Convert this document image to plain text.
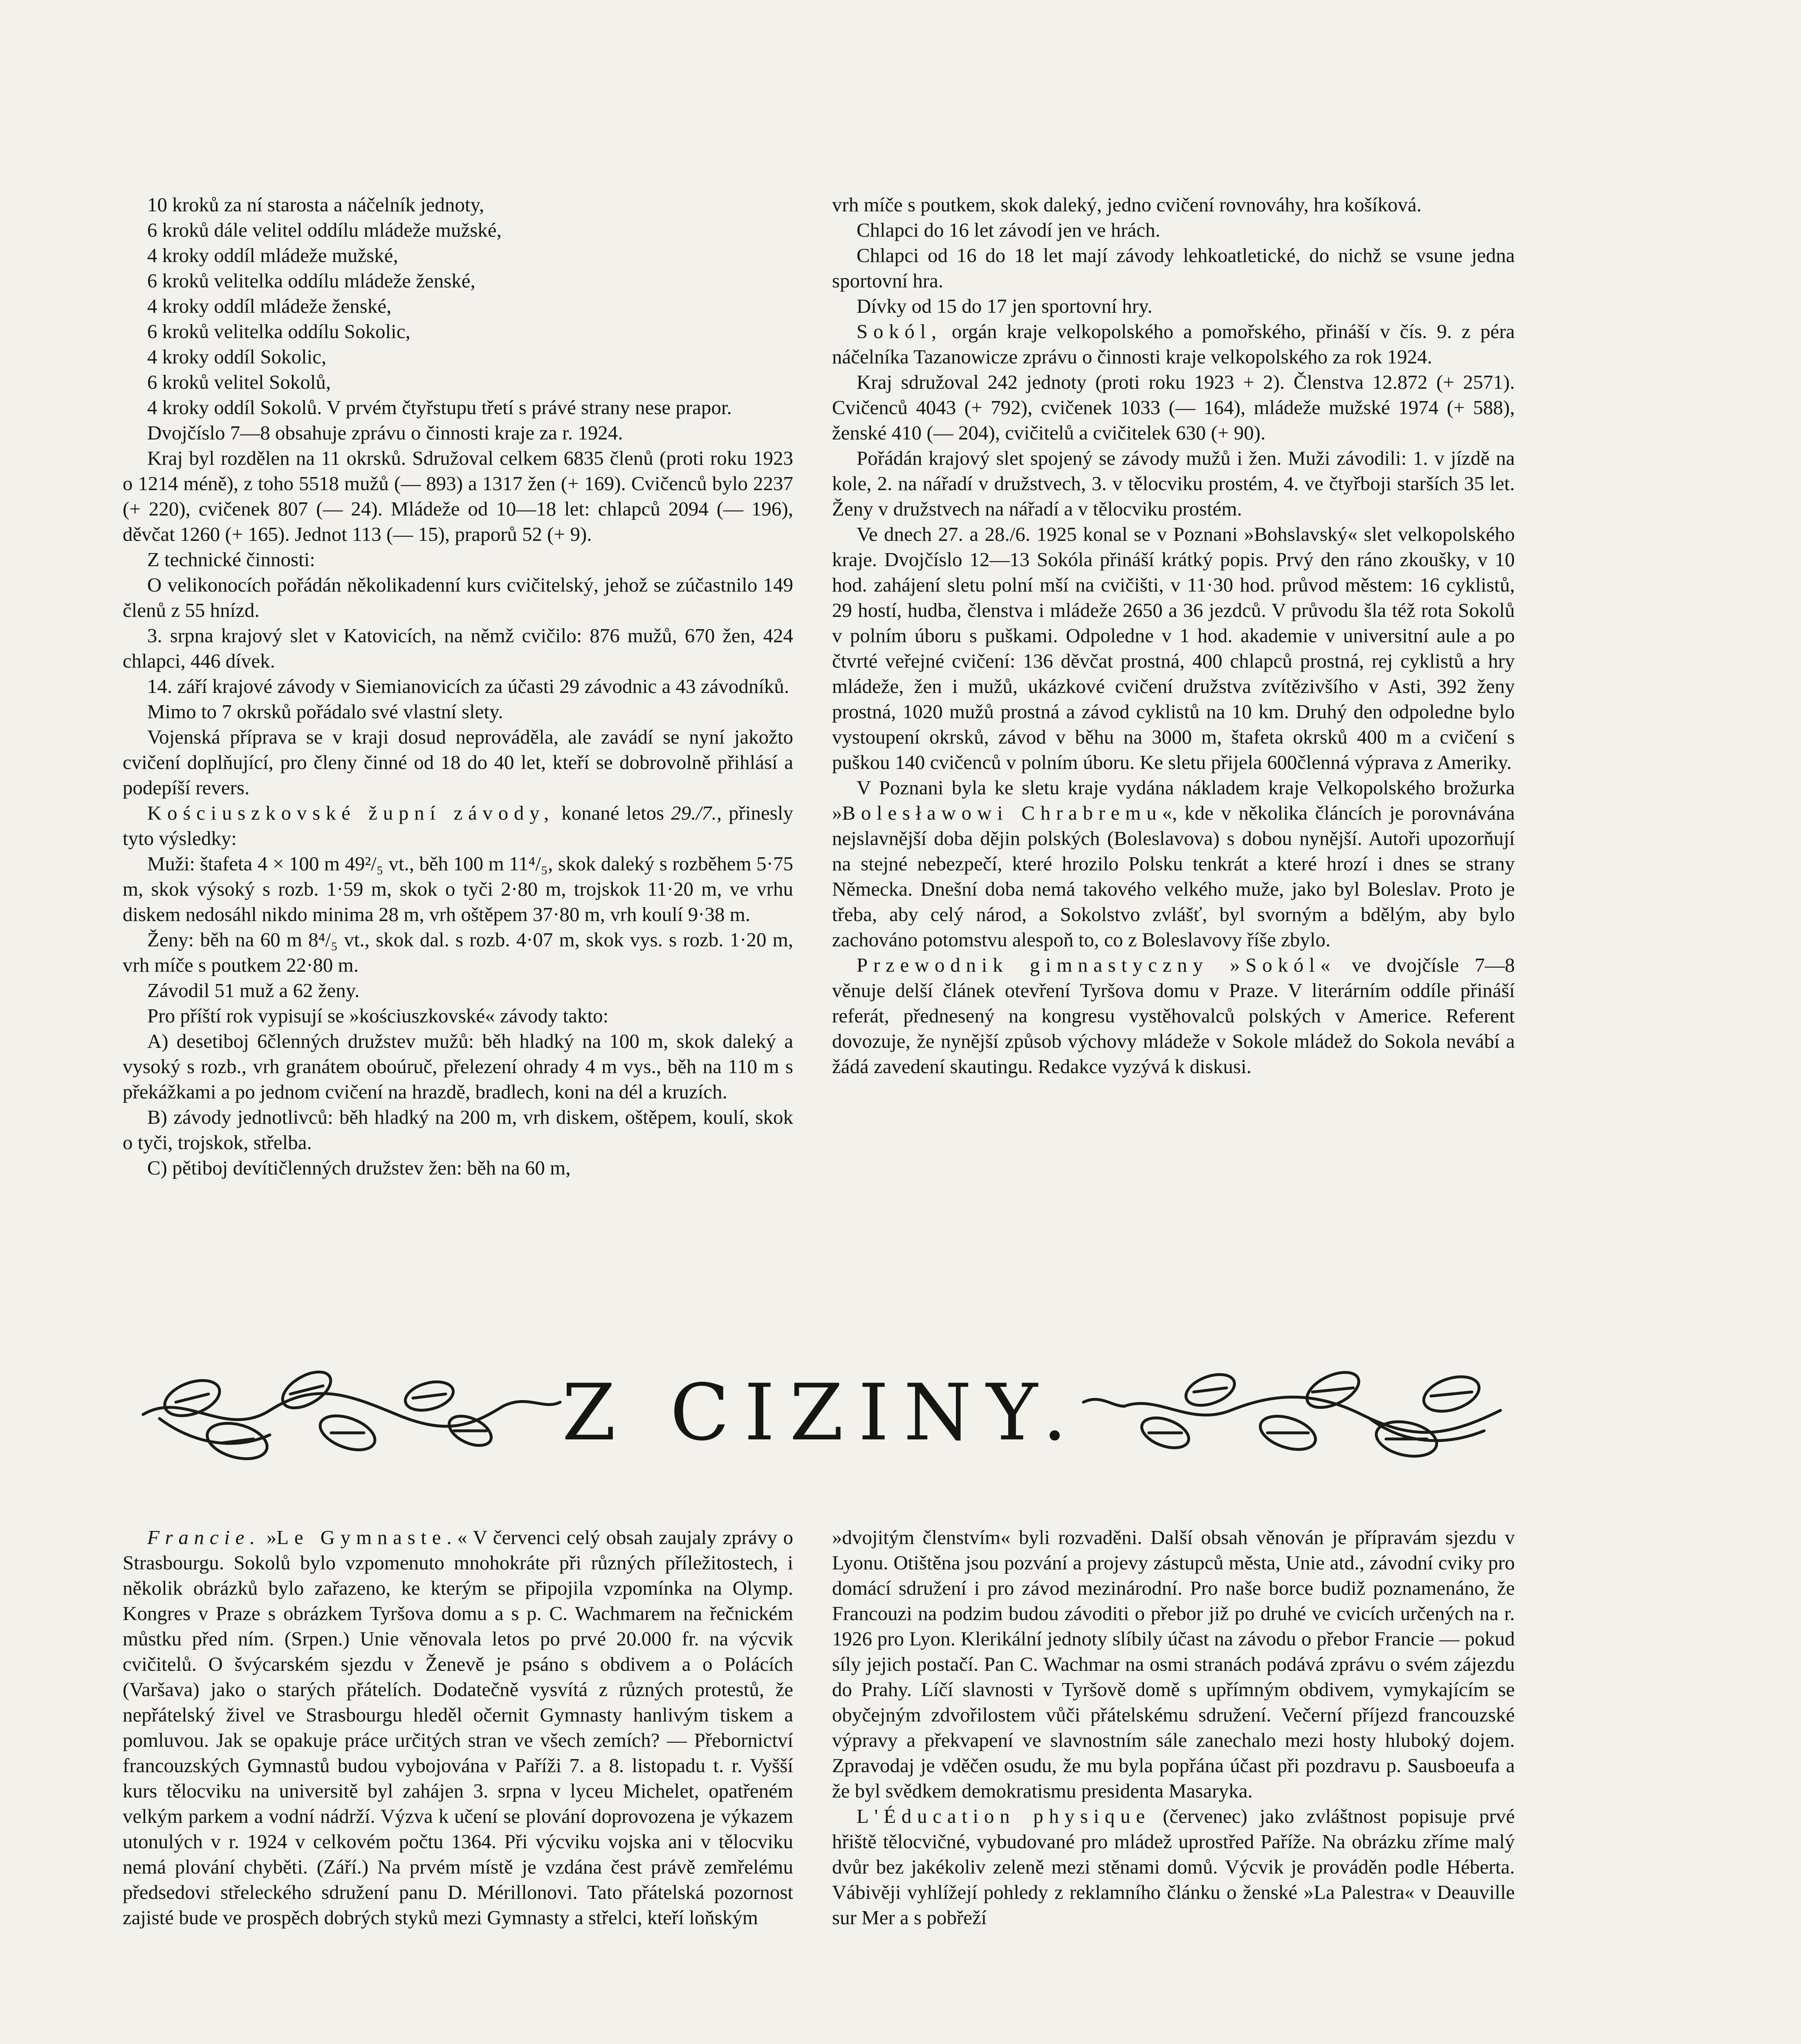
10 kroků za ní starosta a náčelník jednoty,

6 kroků dále velitel oddílu mládeže mužské,

4 kroky oddíl mládeže mužské,

6 kroků velitelka oddílu mládeže ženské,

4 kroky oddíl mládeže ženské,

6 kroků velitelka oddílu Sokolic,

4 kroky oddíl Sokolic,

6 kroků velitel Sokolů,

4 kroky oddíl Sokolů. V prvém čtyřstupu třetí s právé strany nese prapor.

Dvojčíslo 7—8 obsahuje zprávu o činnosti kraje za r. 1924.

Kraj byl rozdělen na 11 okrsků. Sdružoval celkem 6835 členů (proti roku 1923 o 1214 méně), z toho 5518 mužů (— 893) a 1317 žen (+ 169). Cvičenců bylo 2237 (+ 220), cvičenek 807 (— 24). Mládeže od 10—18 let: chlapců 2094 (— 196), děvčat 1260 (+ 165). Jednot 113 (— 15), praporů 52 (+ 9).

Z technické činnosti:

O velikonocích pořádán několikadenní kurs cvičitelský, jehož se zúčastnilo 149 členů z 55 hnízd.

3. srpna krajový slet v Katovicích, na němž cvičilo: 876 mužů, 670 žen, 424 chlapci, 446 dívek.

14. září krajové závody v Siemianovicích za účasti 29 závodnic a 43 závodníků.

Mimo to 7 okrsků pořádalo své vlastní slety.

Vojenská příprava se v kraji dosud neprováděla, ale zavádí se nyní jakožto cvičení doplňující, pro členy činné od 18 do 40 let, kteří se dobrovolně přihlásí a podepíší revers.

Kościuszkovské župní závody, konané letos 29./7., přinesly tyto výsledky:

Muži: štafeta 4 × 100 m 49²/₅ vt., běh 100 m 11⁴/₅, skok daleký s rozběhem 5·75 m, skok výsoký s rozb. 1·59 m, skok o tyči 2·80 m, trojskok 11·20 m, ve vrhu diskem nedosáhl nikdo minima 28 m, vrh oštěpem 37·80 m, vrh koulí 9·38 m.

Ženy: běh na 60 m 8⁴/₅ vt., skok dal. s rozb. 4·07 m, skok vys. s rozb. 1·20 m, vrh míče s poutkem 22·80 m.

Závodil 51 muž a 62 ženy.

Pro příští rok vypisují se »kościuszkovské« závody takto:

A) desetiboj 6členných družstev mužů: běh hladký na 100 m, skok daleký a vysoký s rozb., vrh granátem oboúruč, přelezení ohrady 4 m vys., běh na 110 m s překážkami a po jednom cvičení na hrazdě, bradlech, koni na dél a kruzích.

B) závody jednotlivců: běh hladký na 200 m, vrh diskem, oštěpem, koulí, skok o tyči, trojskok, střelba.

C) pětiboj devítičlenných družstev žen: běh na 60 m,

vrh míče s poutkem, skok daleký, jedno cvičení rovnováhy, hra košíková.

Chlapci do 16 let závodí jen ve hrách.

Chlapci od 16 do 18 let mají závody lehkoatletické, do nichž se vsune jedna sportovní hra.

Dívky od 15 do 17 jen sportovní hry.

Sokól, orgán kraje velkopolského a pomořského, přináší v čís. 9. z péra náčelníka Tazanowicze zprávu o činnosti kraje velkopolského za rok 1924.

Kraj sdružoval 242 jednoty (proti roku 1923 + 2). Členstva 12.872 (+ 2571). Cvičenců 4043 (+ 792), cvičenek 1033 (— 164), mládeže mužské 1974 (+ 588), ženské 410 (— 204), cvičitelů a cvičitelek 630 (+ 90).

Pořádán krajový slet spojený se závody mužů i žen. Muži závodili: 1. v jízdě na kole, 2. na nářadí v družstvech, 3. v tělocviku prostém, 4. ve čtyřboji starších 35 let. Ženy v družstvech na nářadí a v tělocviku prostém.

Ve dnech 27. a 28./6. 1925 konal se v Poznani »Bohslavský« slet velkopolského kraje. Dvojčíslo 12—13 Sokóla přináší krátký popis. Prvý den ráno zkoušky, v 10 hod. zahájení sletu polní mší na cvičišti, v 11·30 hod. průvod městem: 16 cyklistů, 29 hostí, hudba, členstva i mládeže 2650 a 36 jezdců. V průvodu šla též rota Sokolů v polním úboru s puškami. Odpoledne v 1 hod. akademie v universitní aule a po čtvrté veřejné cvičení: 136 děvčat prostná, 400 chlapců prostná, rej cyklistů a hry mládeže, žen i mužů, ukázkové cvičení družstva zvítězivšího v Asti, 392 ženy prostná, 1020 mužů prostná a závod cyklistů na 10 km. Druhý den odpoledne bylo vystoupení okrsků, závod v běhu na 3000 m, štafeta okrsků 400 m a cvičení s puškou 140 cvičenců v polním úboru. Ke sletu přijela 600členná výprava z Ameriky.

V Poznani byla ke sletu kraje vydána nákladem kraje Velkopolského brožurka »Bolesławowi Chrabremu«, kde v několika článcích je porovnávána nejslavnější doba dějin polských (Boleslavova) s dobou nynější. Autoři upozorňují na stejné nebezpečí, které hrozilo Polsku tenkrát a které hrozí i dnes se strany Německa. Dnešní doba nemá takového velkého muže, jako byl Boleslav. Proto je třeba, aby celý národ, a Sokolstvo zvlášť, byl svorným a bdělým, aby bylo zachováno potomstvu alespoň to, co z Boleslavovy říše zbylo.

Przewodnik gimnastyczny »Sokól« ve dvojčísle 7—8 věnuje delší článek otevření Tyršova domu v Praze. V literárním oddíle přináší referát, přednesený na kongresu vystěhovalců polských v Americe. Referent dovozuje, že nynější způsob výchovy mládeže v Sokole mládež do Sokola nevábí a žádá zavedení skautingu. Redakce vyzývá k diskusi.

Z CIZINY.

Francie. »Le Gymnaste.« V červenci celý obsah zaujaly zprávy o Strasbourgu. Sokolů bylo vzpomenuto mnohokráte při různých příležitostech, i několik obrázků bylo zařazeno, ke kterým se připojila vzpomínka na Olymp. Kongres v Praze s obrázkem Tyršova domu a s p. C. Wachmarem na řečnickém můstku před ním. (Srpen.) Unie věnovala letos po prvé 20.000 fr. na výcvik cvičitelů. O švýcarském sjezdu v Ženevě je psáno s obdivem a o Polácích (Varšava) jako o starých přátelích. Dodatečně vysvítá z různých protestů, že nepřátelský živel ve Strasbourgu hleděl očernit Gymnasty hanlivým tiskem a pomluvou. Jak se opakuje práce určitých stran ve všech zemích? — Přebornictví francouzských Gymnastů budou vybojována v Paříži 7. a 8. listopadu t. r. Vyšší kurs tělocviku na universitě byl zahájen 3. srpna v lyceu Michelet, opatřeném velkým parkem a vodní nádrží. Výzva k učení se plování doprovozena je výkazem utonulých v r. 1924 v celkovém počtu 1364. Při výcviku vojska ani v tělocviku nemá plování chyběti. (Září.) Na prvém místě je vzdána čest právě zemřelému předsedovi střeleckého sdružení panu D. Mérillonovi. Tato přátelská pozornost zajisté bude ve prospěch dobrých styků mezi Gymnasty a střelci, kteří loňským

»dvojitým členstvím« byli rozvaděni. Další obsah věnován je přípravám sjezdu v Lyonu. Otištěna jsou pozvání a projevy zástupců města, Unie atd., závodní cviky pro domácí sdružení i pro závod mezinárodní. Pro naše borce budiž poznamenáno, že Francouzi na podzim budou závoditi o přebor již po druhé ve cvicích určených na r. 1926 pro Lyon. Klerikální jednoty slíbily účast na závodu o přebor Francie — pokud síly jejich postačí. Pan C. Wachmar na osmi stranách podává zprávu o svém zájezdu do Prahy. Líčí slavnosti v Tyršově domě s upřímným obdivem, vymykajícím se obyčejným zdvořilostem vůči přátelskému sdružení. Večerní příjezd francouzské výpravy a překvapení ve slavnostním sále zanechalo mezi hosty hluboký dojem. Zpravodaj je vděčen osudu, že mu byla popřána účast při pozdravu p. Sausboeufa a že byl svědkem demokratismu presidenta Masaryka.

L'Éducation physique (červenec) jako zvláštnost popisuje prvé hřiště tělocvičné, vybudované pro mládež uprostřed Paříže. Na obrázku zříme malý dvůr bez jakékoliv zeleně mezi stěnami domů. Výcvik je prováděn podle Héberta. Vábivěji vyhlížejí pohledy z reklamního článku o ženské »La Palestra« v Deauville sur Mer a s pobřeží
